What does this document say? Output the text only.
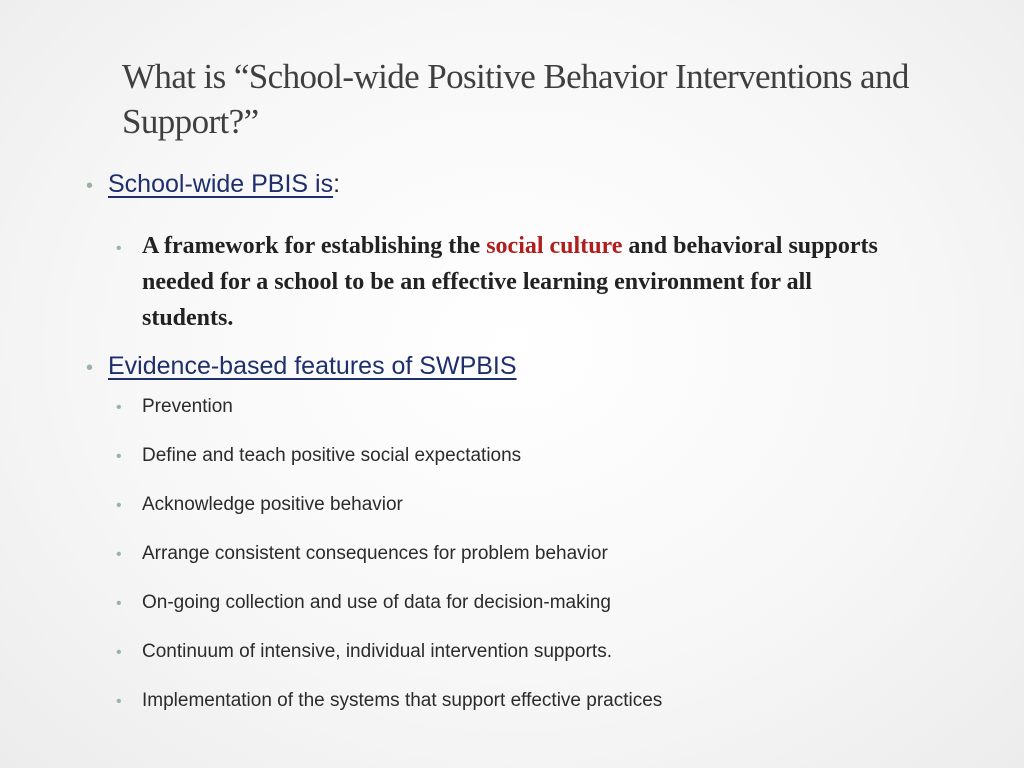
What is “School-wide Positive Behavior Interventions and Support?”
• School-wide PBIS is :
• A framework for establishing the social culture and behavioral supports needed for a school to be an effective learning environment for all students.
• Evidence-based features of SWPBIS
•	Prevention
•	Define and teach positive social expectations
•	Acknowledge positive behavior
•	Arrange consistent consequences for problem behavior
•	On-going collection and use of data for decision-making
•	Continuum of intensive, individual intervention supports.
•	Implementation of the systems that support effective practices
